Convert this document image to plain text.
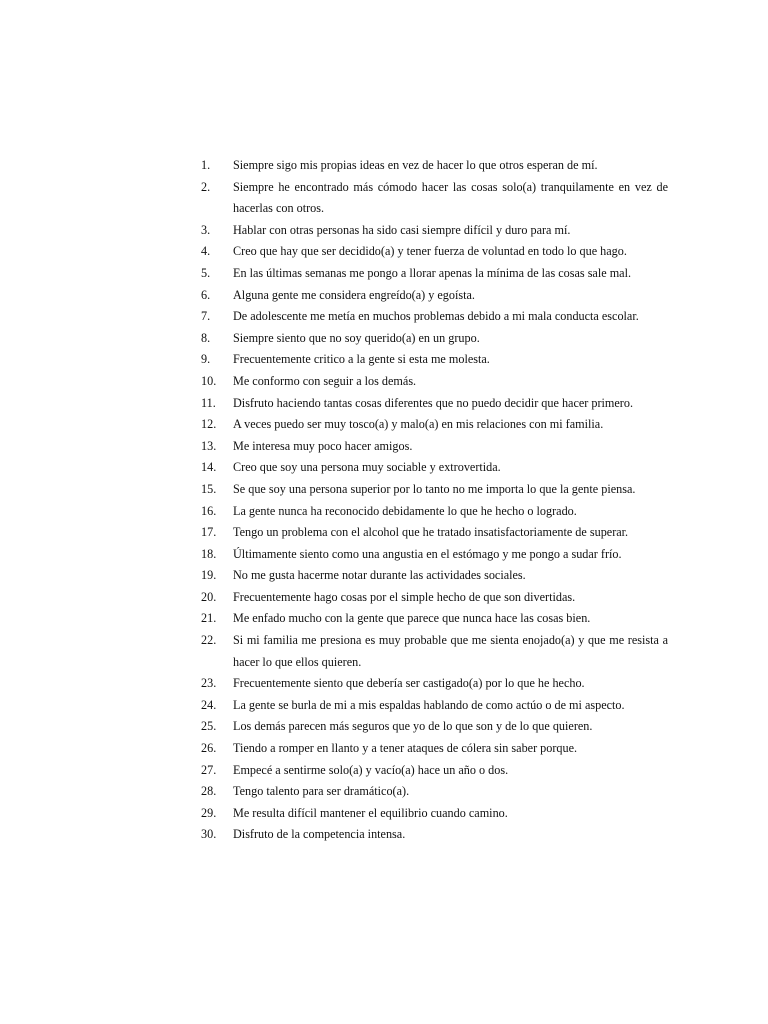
1.	Siempre sigo mis propias ideas en vez de hacer lo que otros esperan de mí.
2.	Siempre he encontrado más cómodo hacer las cosas solo(a) tranquilamente en vez de hacerlas con otros.
3.	Hablar con otras personas ha sido casi siempre difícil y duro para mí.
4.	Creo que hay que ser decidido(a) y tener fuerza de voluntad en todo lo que hago.
5.	En las últimas semanas me pongo a llorar apenas la mínima de las cosas sale mal.
6.	Alguna gente me considera engreído(a) y egoísta.
7.	De adolescente me metía en muchos problemas debido a mi mala conducta escolar.
8.	Siempre siento que no soy querido(a) en un grupo.
9.	Frecuentemente critico a la gente si esta me molesta.
10.	Me conformo con seguir a los demás.
11.	Disfruto haciendo tantas cosas diferentes que no puedo decidir que hacer primero.
12.	A veces puedo ser muy tosco(a) y malo(a) en mis relaciones con mi familia.
13.	Me interesa muy poco hacer amigos.
14.	Creo que soy una persona muy sociable y extrovertida.
15.	Se que soy una persona superior por lo tanto no me importa lo que la gente piensa.
16.	La gente nunca ha reconocido debidamente lo que he hecho o logrado.
17.	Tengo un problema con el alcohol que he tratado insatisfactoriamente de superar.
18.	Últimamente siento como una angustia en el estómago y me pongo a sudar frío.
19.	No me gusta hacerme notar durante las actividades sociales.
20.	Frecuentemente hago cosas por el simple hecho de que son divertidas.
21.	Me enfado mucho con la gente que parece que nunca hace las cosas bien.
22.	Si mi familia me presiona es muy probable que me sienta enojado(a) y que me resista a hacer lo que ellos quieren.
23.	Frecuentemente siento que debería ser castigado(a) por lo que he hecho.
24.	La gente se burla de mi a mis espaldas hablando de como actúo o de mi aspecto.
25.	Los demás parecen más seguros que yo de lo que son y de lo que quieren.
26.	Tiendo a romper en llanto y a tener ataques de cólera sin saber porque.
27.	Empecé a sentirme solo(a) y vacío(a) hace un año o dos.
28.	Tengo talento para ser dramático(a).
29.	Me resulta difícil mantener el equilibrio cuando camino.
30.	Disfruto de la competencia intensa.
